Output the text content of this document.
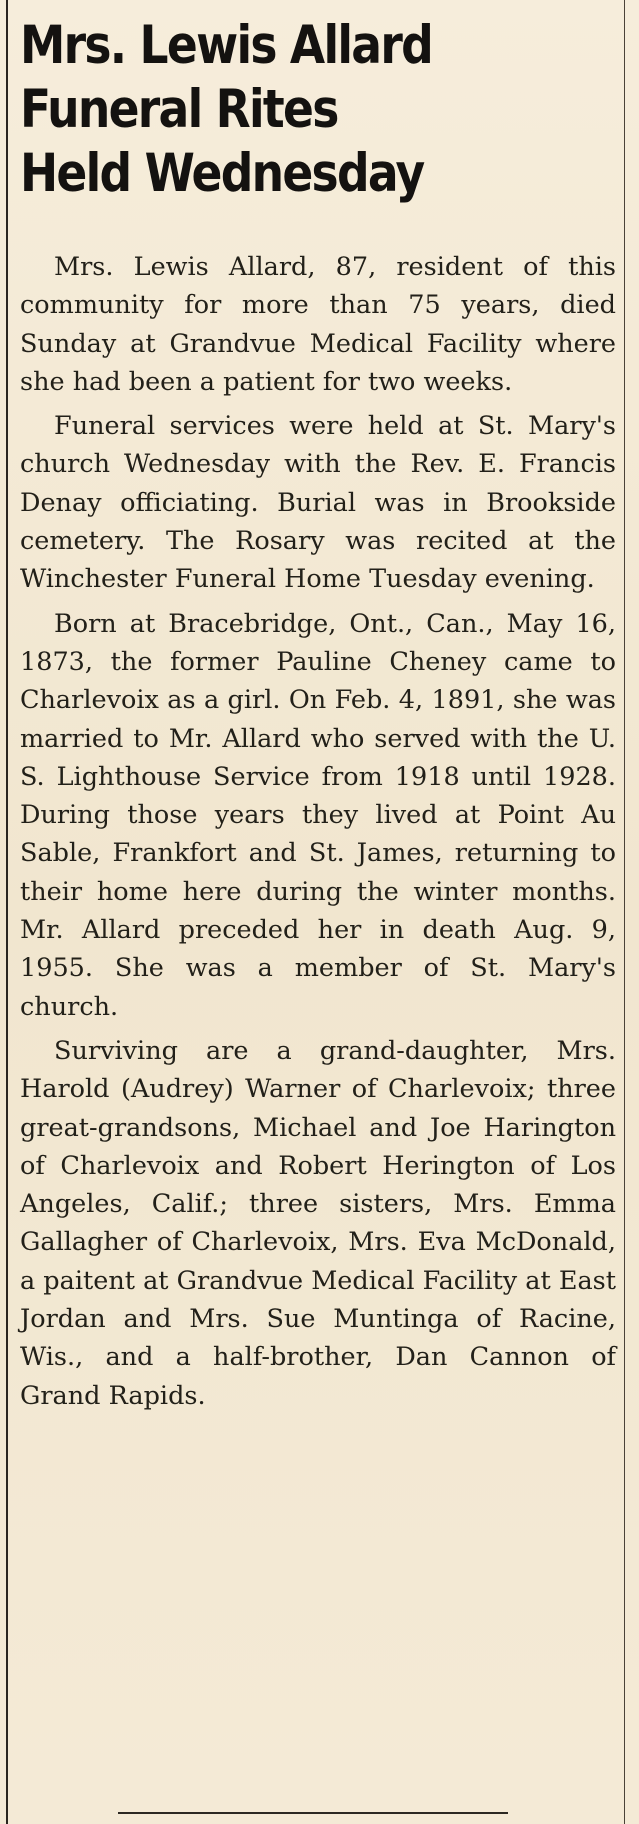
Mrs. Lewis Allard
Funeral Rites
Held Wednesday

Mrs. Lewis Allard, 87, resident of this community for more than 75 years, died Sunday at Grandvue Medical Facility where she had been a patient for two weeks.

Funeral services were held at St. Mary's church Wednesday with the Rev. E. Francis Denay officiating. Burial was in Brookside cemetery. The Rosary was recited at the Winchester Funeral Home Tuesday evening.

Born at Bracebridge, Ont., Can., May 16, 1873, the former Pauline Cheney came to Charlevoix as a girl. On Feb. 4, 1891, she was married to Mr. Allard who served with the U. S. Lighthouse Service from 1918 until 1928. During those years they lived at Point Au Sable, Frankfort and St. James, returning to their home here during the winter months. Mr. Allard preceded her in death Aug. 9, 1955. She was a member of St. Mary's church.

Surviving are a grand-daughter, Mrs. Harold (Audrey) Warner of Charlevoix; three great-grandsons, Michael and Joe Harington of Charlevoix and Robert Herington of Los Angeles, Calif.; three sisters, Mrs. Emma Gallagher of Charlevoix, Mrs. Eva McDonald, a paitent at Grandvue Medical Facility at East Jordan and Mrs. Sue Muntinga of Racine, Wis., and a half-brother, Dan Cannon of Grand Rapids.
